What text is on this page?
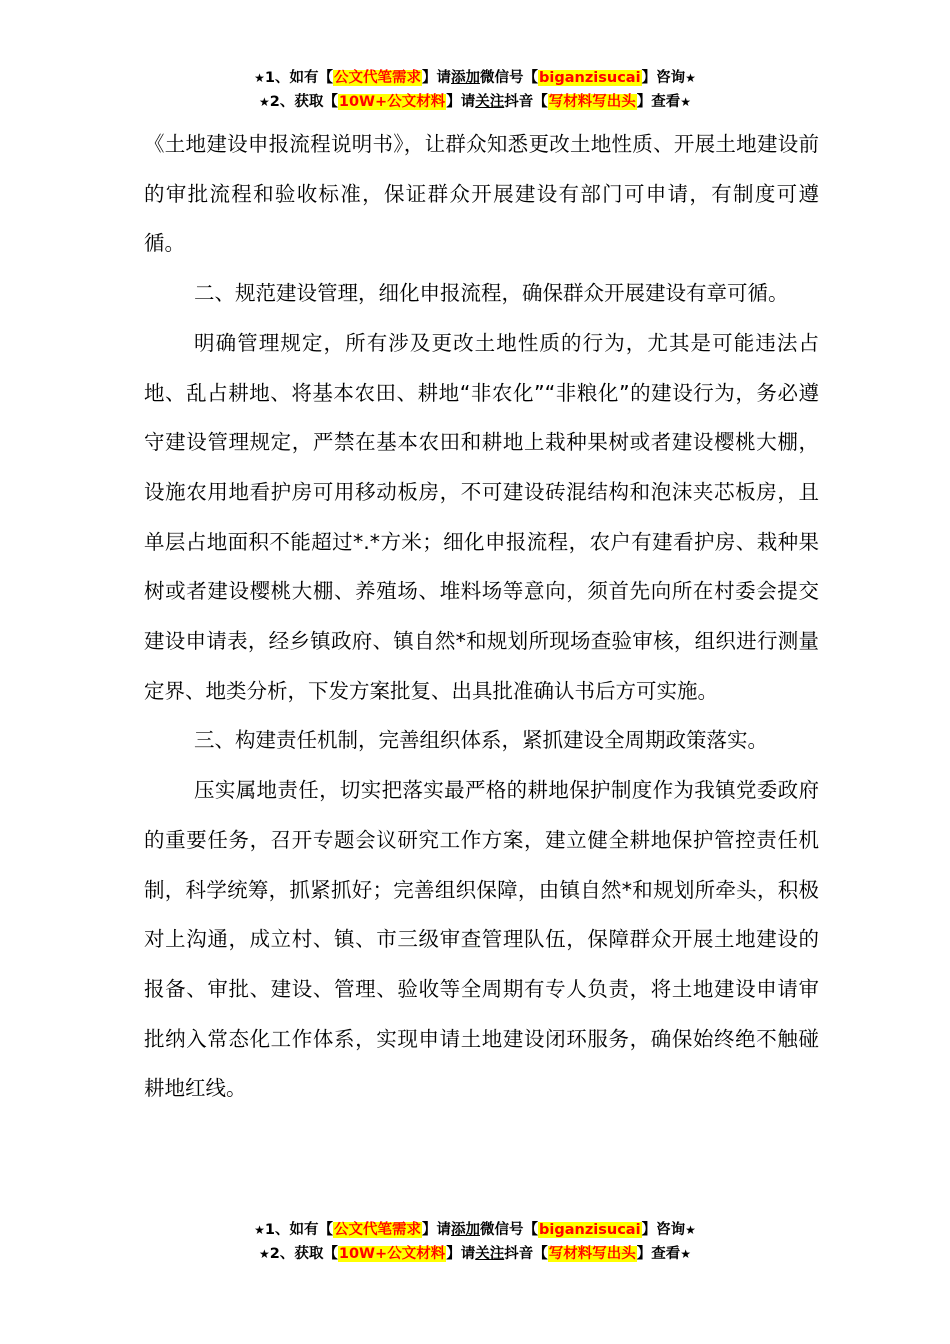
★1、如有【公文代笔需求】请添加微信号【biganzisucai】咨询★
★2、获取【10W+公文材料】请关注抖音【写材料写出头】查看★

《土地建设申报流程说明书》，让群众知悉更改土地性质、开展土地建设前的审批流程和验收标准，保证群众开展建设有部门可申请，有制度可遵循。

二、规范建设管理，细化申报流程，确保群众开展建设有章可循。

明确管理规定，所有涉及更改土地性质的行为，尤其是可能违法占地、乱占耕地、将基本农田、耕地“非农化”“非粮化”的建设行为，务必遵守建设管理规定，严禁在基本农田和耕地上栽种果树或者建设樱桃大棚，设施农用地看护房可用移动板房，不可建设砖混结构和泡沫夹芯板房，且单层占地面积不能超过*.*方米；细化申报流程，农户有建看护房、栽种果树或者建设樱桃大棚、养殖场、堆料场等意向，须首先向所在村委会提交建设申请表，经乡镇政府、镇自然*和规划所现场查验审核，组织进行测量定界、地类分析，下发方案批复、出具批准确认书后方可实施。

三、构建责任机制，完善组织体系，紧抓建设全周期政策落实。

压实属地责任，切实把落实最严格的耕地保护制度作为我镇党委政府的重要任务，召开专题会议研究工作方案，建立健全耕地保护管控责任机制，科学统筹，抓紧抓好；完善组织保障，由镇自然*和规划所牵头，积极对上沟通，成立村、镇、市三级审查管理队伍，保障群众开展土地建设的报备、审批、建设、管理、验收等全周期有专人负责，将土地建设申请审批纳入常态化工作体系，实现申请土地建设闭环服务，确保始终绝不触碰耕地红线。

★1、如有【公文代笔需求】请添加微信号【biganzisucai】咨询★
★2、获取【10W+公文材料】请关注抖音【写材料写出头】查看★
